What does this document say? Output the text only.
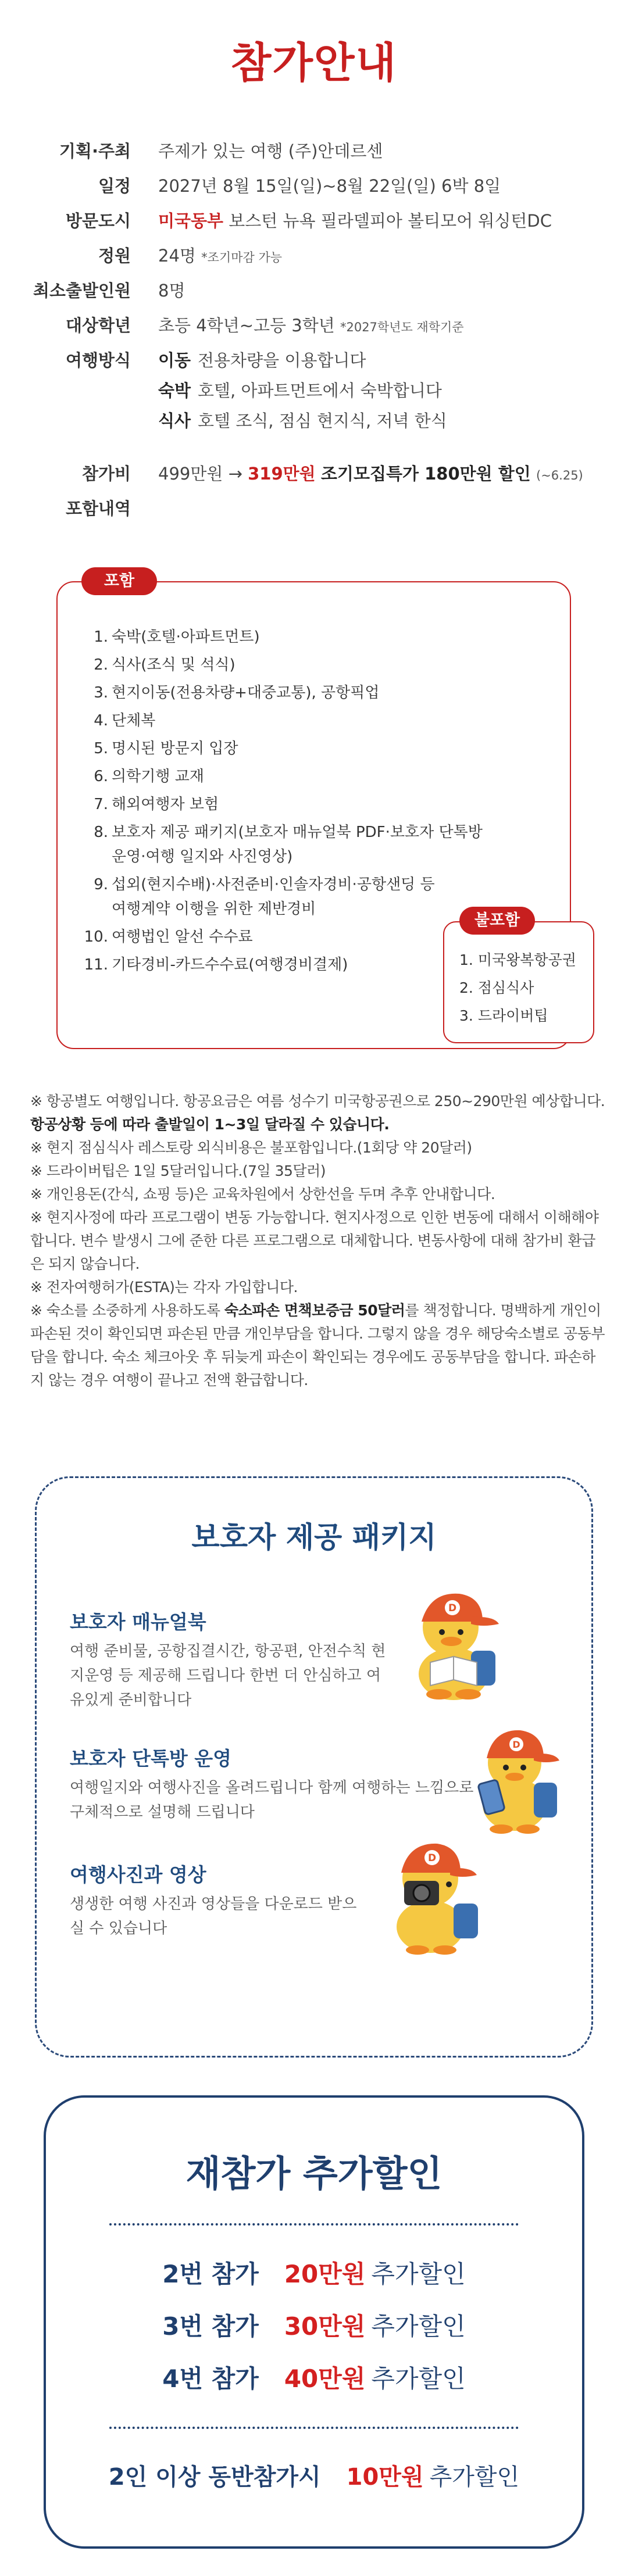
참가안내
기획·주최 주제가 있는 여행 (주)안데르센
일정 2027년 8월 15일(일)~8월 22일(일) 6박 8일
방문도시 미국동부 보스턴 뉴욕 필라델피아 볼티모어 워싱턴DC
정원 24명 *조기마감 가능
최소출발인원 8명
대상학년 초등 4학년~고등 3학년 *2027학년도 재학기준
여행방식 이동 전용차량을 이용합니다
숙박 호텔, 아파트먼트에서 숙박합니다
식사 호텔 조식, 점심 현지식, 저녁 한식
참가비 499만원 → 319만원 조기모집특가 180만원 할인 (~6.25)
포함내역
포함
1. 숙박(호텔·아파트먼트)
2. 식사(조식 및 석식)
3. 현지이동(전용차량+대중교통), 공항픽업
4. 단체복
5. 명시된 방문지 입장
6. 의학기행 교재
7. 해외여행자 보험
8. 보호자 제공 패키지(보호자 매뉴얼북 PDF·보호자 단톡방 운영·여행 일지와 사진영상)
9. 섭외(현지수배)·사전준비·인솔자경비·공항샌딩 등 여행계약 이행을 위한 제반경비
10. 여행법인 알선 수수료
11. 기타경비-카드수수료(여행경비결제)
불포함
1. 미국왕복항공권
2. 점심식사
3. 드라이버팁

※ 항공별도 여행입니다. 항공요금은 여름 성수기 미국항공권으로 250~290만원 예상합니다. 항공상황 등에 따라 출발일이 1~3일 달라질 수 있습니다.

※ 현지 점심식사 레스토랑 외식비용은 불포함입니다.(1회당 약 20달러)

※ 드라이버팁은 1일 5달러입니다.(7일 35달러)

※ 개인용돈(간식, 쇼핑 등)은 교육차원에서 상한선을 두며 추후 안내합니다.

※ 현지사정에 따라 프로그램이 변동 가능합니다. 현지사정으로 인한 변동에 대해서 이해해야 합니다. 변수 발생시 그에 준한 다른 프로그램으로 대체합니다. 변동사항에 대해 참가비 환급은 되지 않습니다.

※ 전자여행허가(ESTA)는 각자 가입합니다.

※ 숙소를 소중하게 사용하도록 숙소파손 면책보증금 50달러를 책정합니다. 명백하게 개인이 파손된 것이 확인되면 파손된 만큼 개인부담을 합니다. 그렇지 않을 경우 해당숙소별로 공동부담을 합니다. 숙소 체크아웃 후 뒤늦게 파손이 확인되는 경우에도 공동부담을 합니다. 파손하지 않는 경우 여행이 끝나고 전액 환급합니다.

보호자 제공 패키지
보호자 매뉴얼북
여행 준비물, 공항집결시간, 항공편, 안전수칙 현지운영 등 제공해 드립니다 한번 더 안심하고 여유있게 준비합니다
보호자 단톡방 운영
여행일지와 여행사진을 올려드립니다 함께 여행하는 느낌으로 구체적으로 설명해 드립니다
여행사진과 영상
생생한 여행 사진과 영상들을 다운로드 받으실 수 있습니다
D
D
D
재참가 추가할인
2번 참가 20만원 추가할인
3번 참가 30만원 추가할인
4번 참가 40만원 추가할인
2인 이상 동반참가시 10만원 추가할인
